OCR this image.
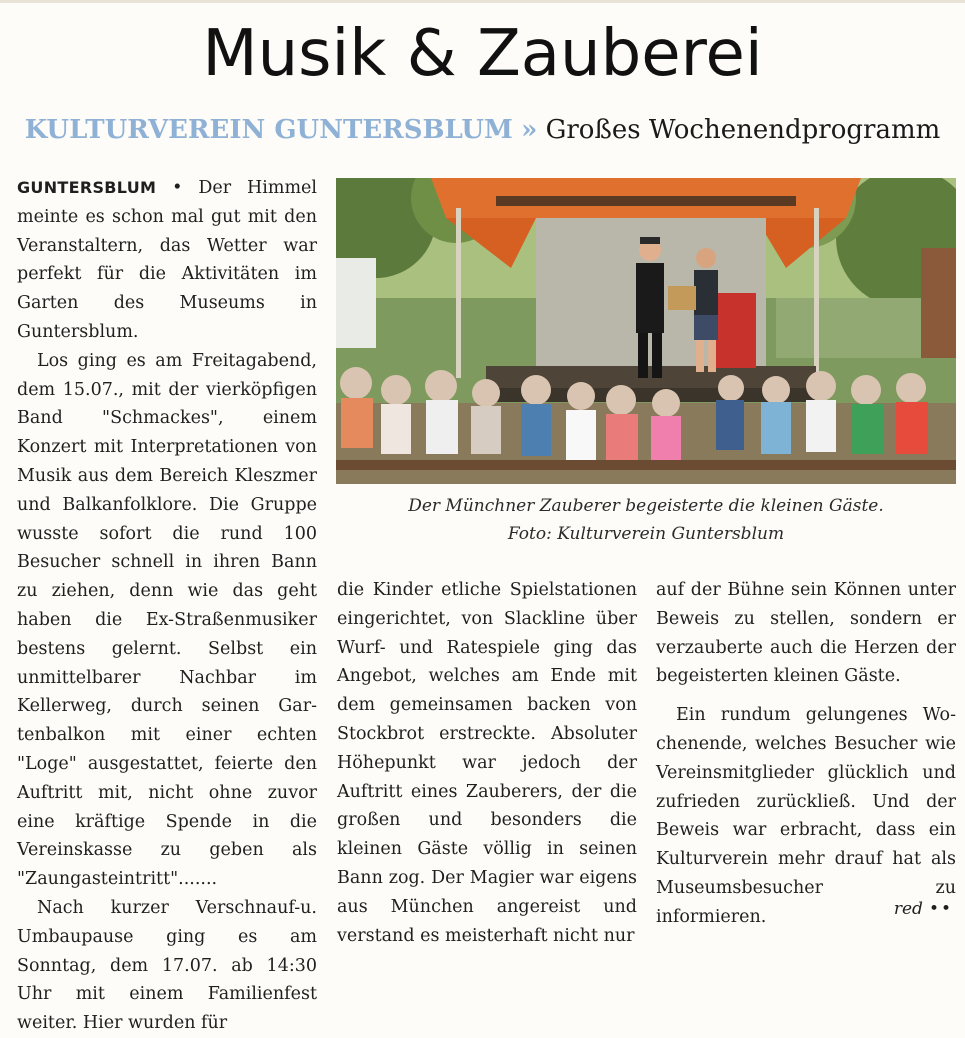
Musik & Zauberei
KULTURVEREIN GUNTERSBLUM » Großes Wochenendprogramm

GUNTERSBLUM • Der Himmel meinte es schon mal gut mit den Veranstaltern, das Wetter war perfekt für die Aktivitäten im Garten des Museums in Guntersblum.

Los ging es am Freitagabend, dem 15.07., mit der vierköpfigen Band "Schmackes", einem Konzert mit Interpretationen von Musik aus dem Bereich Kleszmer und Balkanfolklore. Die Gruppe wusste sofort die rund 100 Besucher schnell in ihren Bann zu ziehen, denn wie das geht haben die Ex-Straßenmusiker bestens gelernt. Selbst ein unmittelbarer Nachbar im Kellerweg, durch seinen Gartenbalkon mit einer echten "Loge" ausgestattet, feierte den Auftritt mit, nicht ohne zuvor eine kräftige Spende in die Vereinskasse zu geben als "Zaungasteintritt".......

Nach kurzer Verschnauf-u. Umbaupause ging es am Sonntag, dem 17.07. ab 14:30 Uhr mit einem Familienfest weiter. Hier wurden für

Der Münchner Zauberer begeisterte die kleinen Gäste.
Foto: Kulturverein Guntersblum

die Kinder etliche Spielstationen eingerichtet, von Slackline über Wurf- und Ratespiele ging das Angebot, welches am Ende mit dem gemeinsamen backen von Stockbrot erstreckte. Absoluter Höhepunkt war jedoch der Auftritt eines Zauberers, der die großen und besonders die kleinen Gäste völlig in seinen Bann zog. Der Magier war eigens aus München angereist und verstand es meisterhaft nicht nur

auf der Bühne sein Können unter Beweis zu stellen, sondern er verzauberte auch die Herzen der begeisterten kleinen Gäste.

Ein rundum gelungenes Wochenende, welches Besucher wie Vereinsmitglieder glücklich und zufrieden zurückließ. Und der Beweis war erbracht, dass ein Kulturverein mehr drauf hat als Museumsbesucher zu informieren.	red ••
